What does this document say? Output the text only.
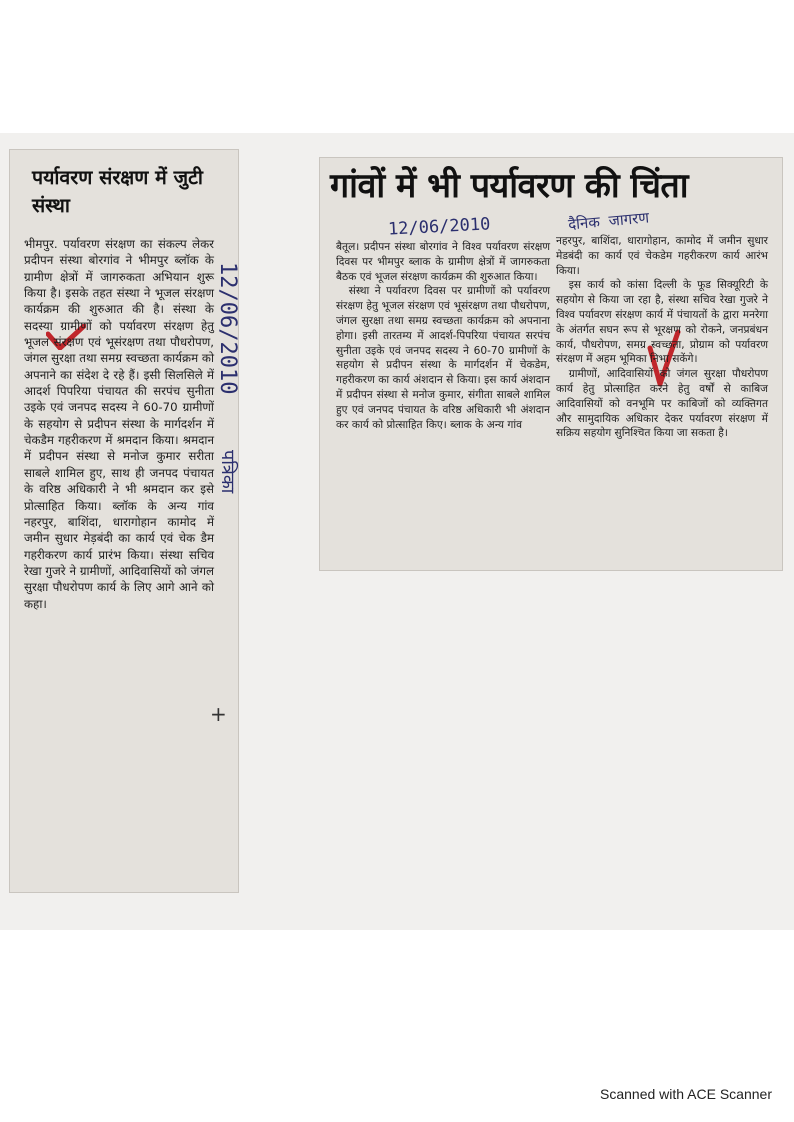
पर्यावरण संरक्षण में जुटी संस्था

भीमपुर. पर्यावरण संरक्षण का संकल्प लेकर प्रदीपन संस्था बोरगांव ने भीमपुर ब्लॉक के ग्रामीण क्षेत्रों में जागरुकता अभियान शुरू किया है। इसके तहत संस्था ने भूजल संरक्षण कार्यक्रम की शुरुआत की है। संस्था के सदस्या ग्रामीणों को पर्यावरण संरक्षण हेतु भूजल संरक्षण एवं भूसंरक्षण तथा पौधरोपण, जंगल सुरक्षा तथा समग्र स्वच्छता कार्यक्रम को अपनाने का संदेश दे रहे हैं। इसी सिलसिले में आदर्श पिपरिया पंचायत की सरपंच सुनीता उइके एवं जनपद सदस्य ने 60-70 ग्रामीणों के सहयोग से प्रदीपन संस्था के मार्गदर्शन में चेकडैम गहरीकरण में श्रमदान किया। श्रमदान में प्रदीपन संस्था से मनोज कुमार सरीता साबले शामिल हुए, साथ ही जनपद पंचायत के वरिष्ठ अधिकारी ने भी श्रमदान कर इसे प्रोत्साहित किया। ब्लॉक के अन्य गांव नहरपुर, बाशिंदा, धारागोहान कामोद में जमीन सुधार मेड़बंदी का कार्य एवं चेक डैम गहरीकरण कार्य प्रारंभ किया। संस्था सचिव रेखा गुजरे ने ग्रामीणों, आदिवासियों को जंगल सुरक्षा पौधरोपण कार्य के लिए आगे आने को कहा।

12/06/2010
पत्रिका
+
गांवों में भी पर्यावरण की चिंता

बैतूल। प्रदीपन संस्था बोरगांव ने विश्व पर्यावरण संरक्षण दिवस पर भीमपुर ब्लाक के ग्रामीण क्षेत्रों में जागरुकता बैठक एवं भूजल संरक्षण कार्यक्रम की शुरुआत किया।

संस्था ने पर्यावरण दिवस पर ग्रामीणों को पर्यावरण संरक्षण हेतु भूजल संरक्षण एवं भूसंरक्षण तथा पौधरोपण, जंगल सुरक्षा तथा समग्र स्वच्छता कार्यक्रम को अपनाना होगा। इसी तारतम्य में आदर्श-पिपरिया पंचायत सरपंच सुनीता उइके एवं जनपद सदस्य ने 60-70 ग्रामीणों के सहयोग से प्रदीपन संस्था के मार्गदर्शन में चेकडेम, गहरीकरण का कार्य अंशदान से किया। इस कार्य अंशदान में प्रदीपन संस्था से मनोज कुमार, संगीता साबले शामिल हुए एवं जनपद पंचायत के वरिष्ठ अधिकारी भी अंशदान कर कार्य को प्रोत्साहित किए। ब्लाक के अन्य गांव

नहरपुर, बाशिंदा, धारागोहान, कामोद में जमीन सुधार मेडबंदी का कार्य एवं चेकडेम गहरीकरण कार्य आरंभ किया।

इस कार्य को कांसा दिल्ली के फूड सिक्यूरिटी के सहयोग से किया जा रहा है, संस्था सचिव रेखा गुजरे ने विश्व पर्यावरण संरक्षण कार्य में पंचायतों के द्वारा मनरेगा के अंतर्गत सघन रूप से भूरक्षण को रोकने, जनप्रबंधन कार्य, पौधरोपण, समग्र स्वच्छता, प्रोग्राम को पर्यावरण संरक्षण में अहम भूमिका निभा सकेंगे।

ग्रामीणों, आदिवासियों को जंगल सुरक्षा पौधरोपण कार्य हेतु प्रोत्साहित करने हेतु वर्षों से काबिज आदिवासियों को वनभूमि पर काबिजों को व्यक्तिगत और सामुदायिक अधिकार देकर पर्यावरण संरक्षण में सक्रिय सहयोग सुनिश्चित किया जा सकता है।

12/06/2010	दैनिक जागरण
Scanned with ACE Scanner
